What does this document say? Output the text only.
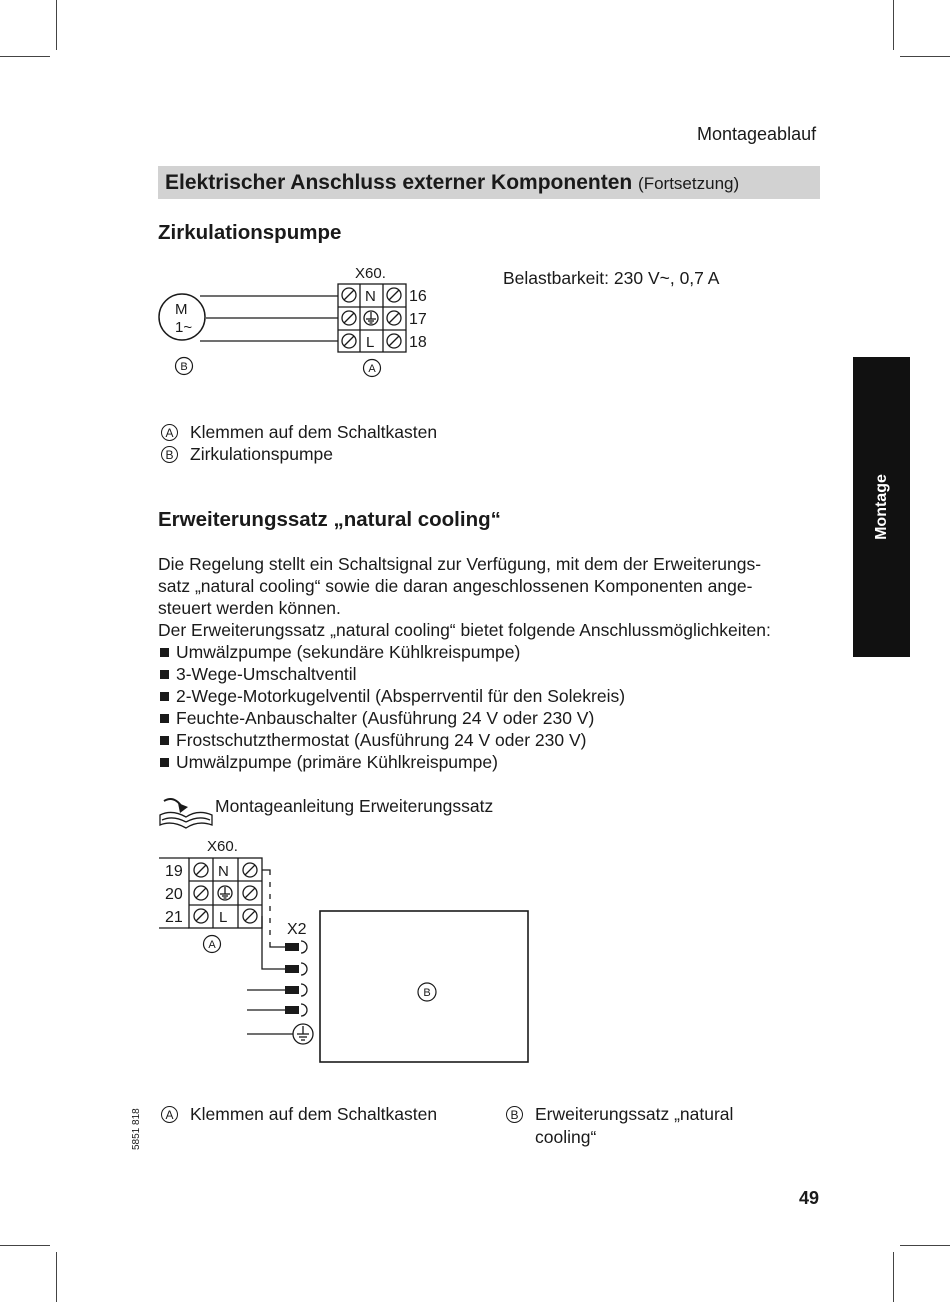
Montageablauf
Elektrischer Anschluss externer Komponenten (Fortsetzung)
Zirkulationspumpe
X60.
M
1~
N
L
16
17
18
B	A
Belastbarkeit: 230 V~, 0,7 A
A Klemmen auf dem Schaltkasten
B Zirkulationspumpe
Erweiterungssatz „natural cooling“

Die Regelung stellt ein Schaltsignal zur Verfügung, mit dem der Erweiterungs-

satz „natural cooling“ sowie die daran angeschlossenen Komponenten ange-

steuert werden können.

Der Erweiterungssatz „natural cooling“ bietet folgende Anschlussmöglichkeiten:

Umwälzpumpe (sekundäre Kühlkreispumpe)
3-Wege-Umschaltventil
2-Wege-Motorkugelventil (Absperrventil für den Solekreis)
Feuchte-Anbauschalter (Ausführung 24 V oder 230 V)
Frostschutzthermostat (Ausführung 24 V oder 230 V)
Umwälzpumpe (primäre Kühlkreispumpe)
Montageanleitung Erweiterungssatz
X60.
19
20
21
N
L
A
X2
B
A Klemmen auf dem Schaltkasten	B Erweiterungssatz „natural
cooling“
Montage
5851 818
49
